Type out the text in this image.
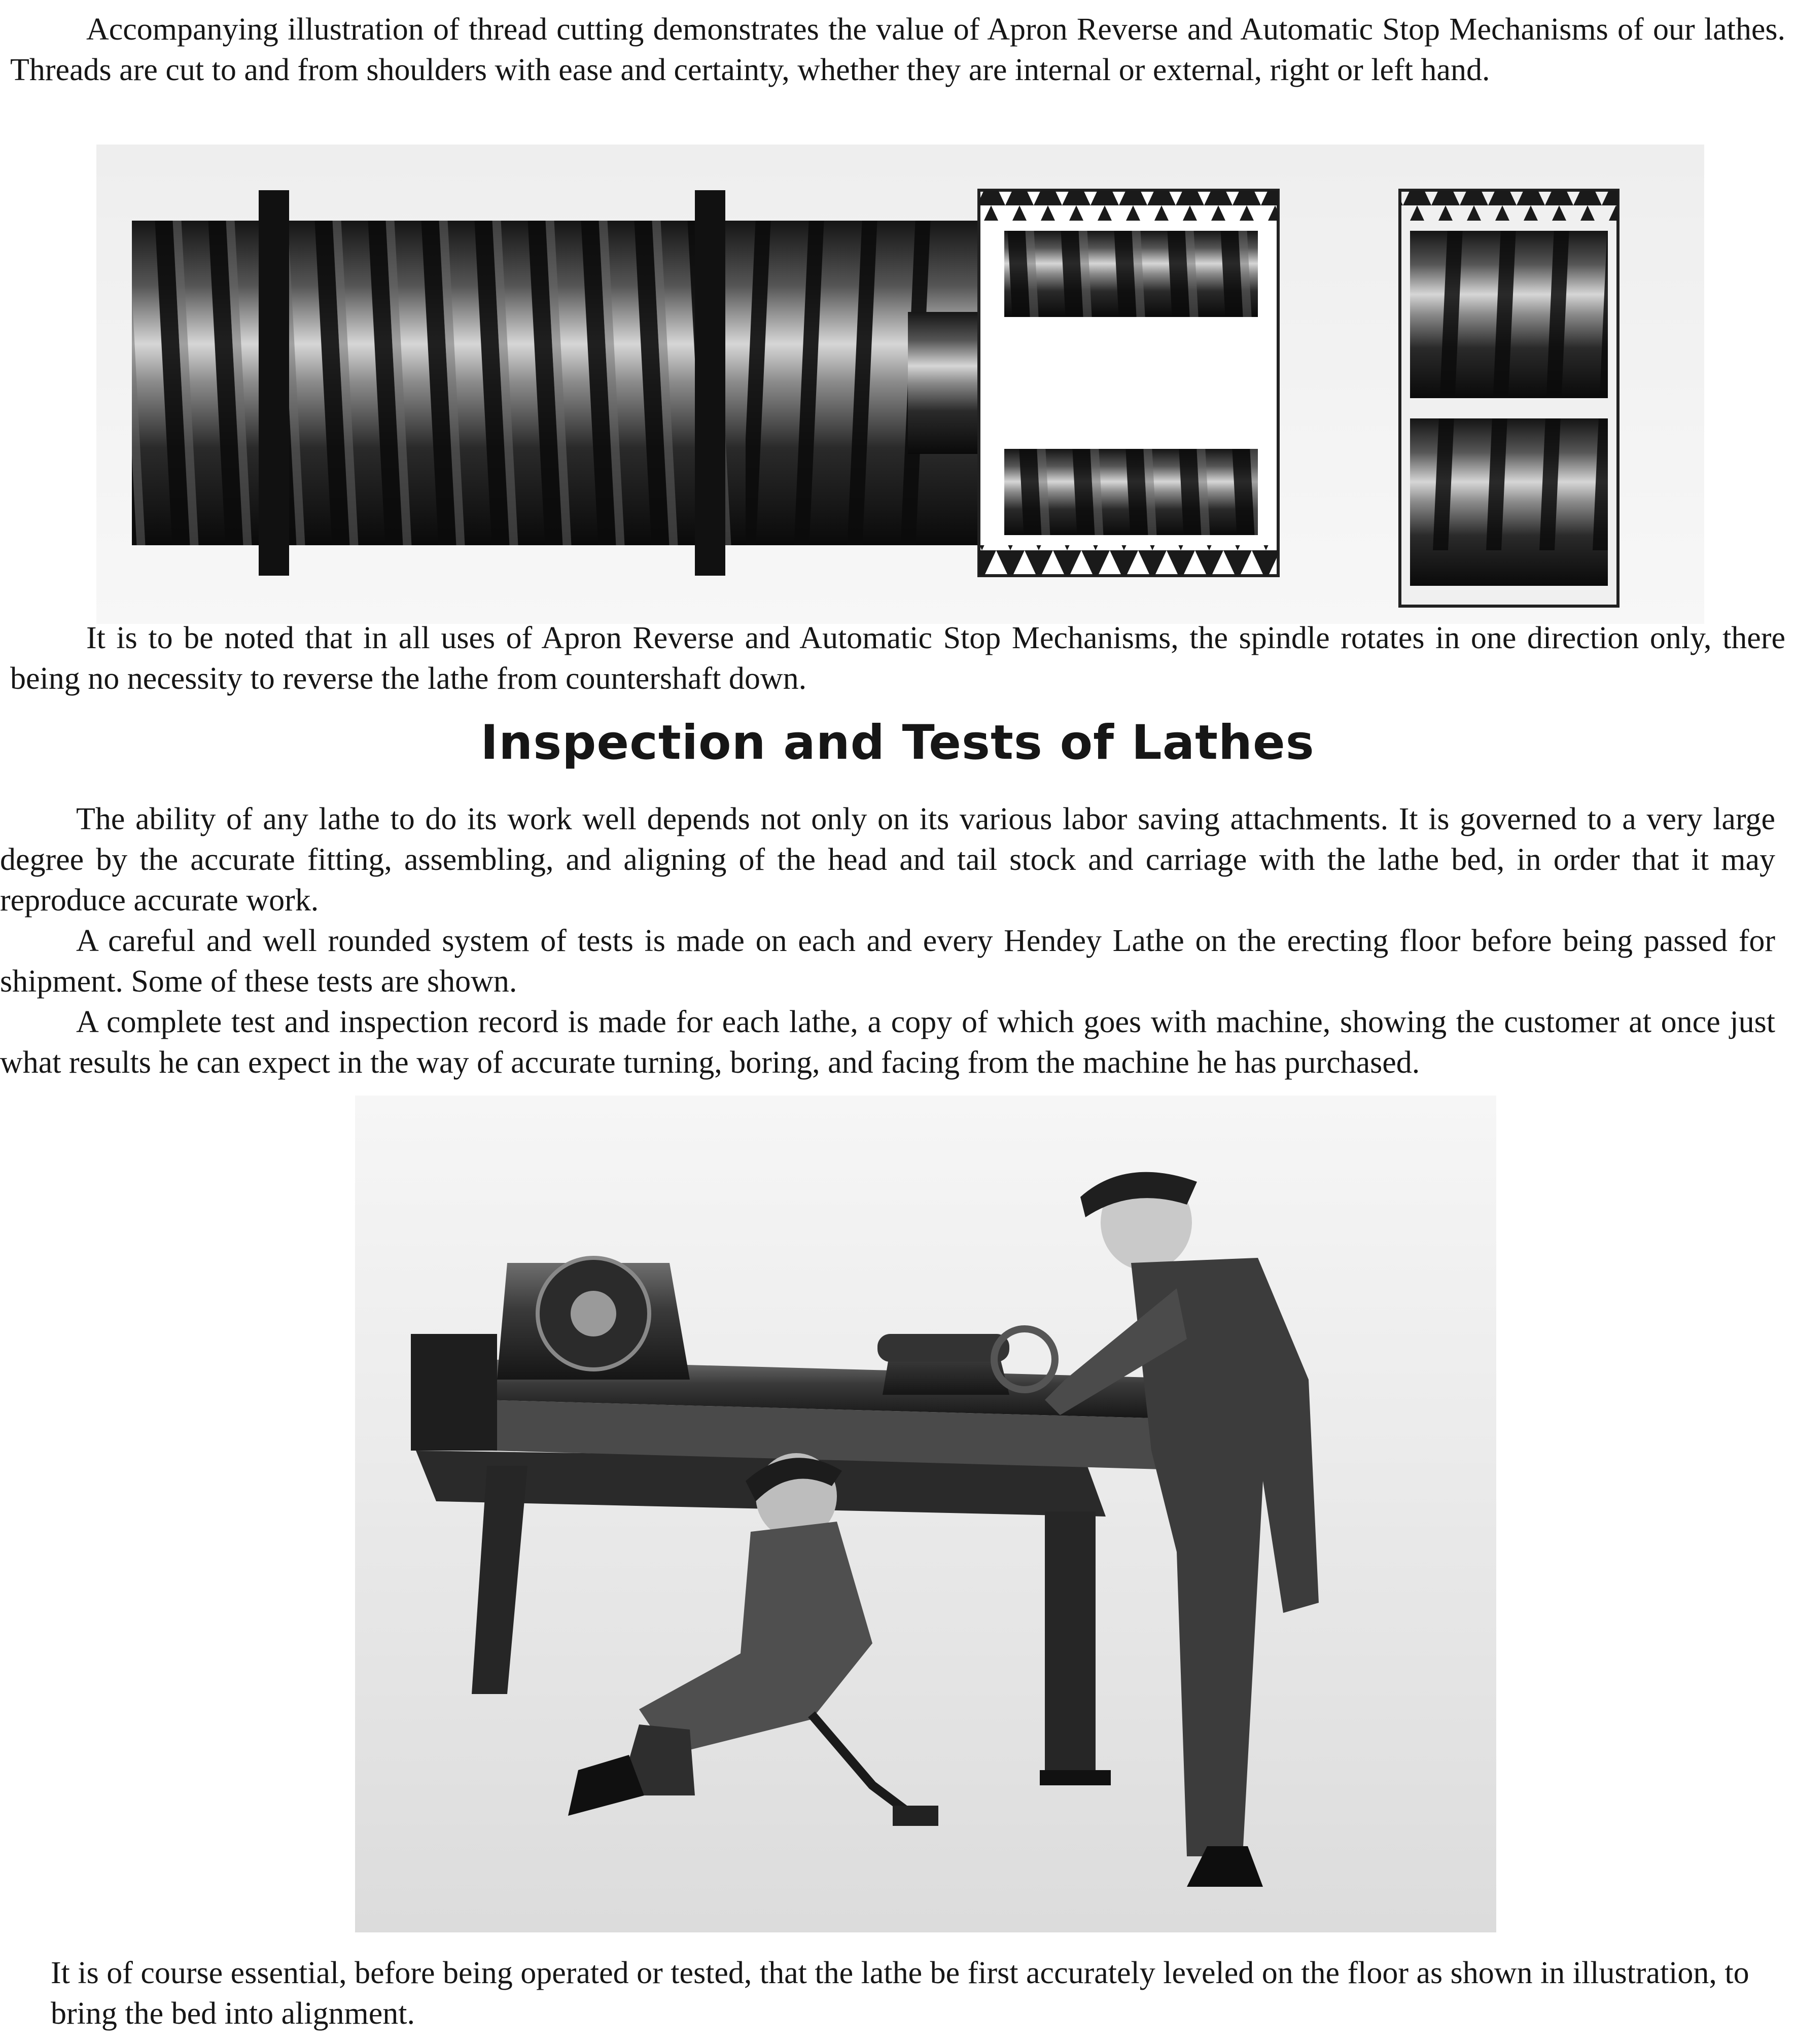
Accompanying illustration of thread cutting demonstrates the value of Apron Reverse and Automatic Stop Mechanisms of our lathes. Threads are cut to and from shoulders with ease and certainty, whether they are internal or external, right or left hand.

It is to be noted that in all uses of Apron Reverse and Automatic Stop Mechanisms, the spindle rotates in one direction only, there being no necessity to reverse the lathe from countershaft down.

Inspection and Tests of Lathes

The ability of any lathe to do its work well depends not only on its various labor saving attachments. It is governed to a very large degree by the accurate fitting, assembling, and aligning of the head and tail stock and carriage with the lathe bed, in order that it may reproduce accurate work.

A careful and well rounded system of tests is made on each and every Hendey Lathe on the erecting floor before being passed for shipment. Some of these tests are shown.

A complete test and inspection record is made for each lathe, a copy of which goes with machine, showing the customer at once just what results he can expect in the way of accurate turning, boring, and facing from the machine he has purchased.

It is of course essential, before being operated or tested, that the lathe be first accurately leveled on the floor as shown in illustration, to bring the bed into alignment.
